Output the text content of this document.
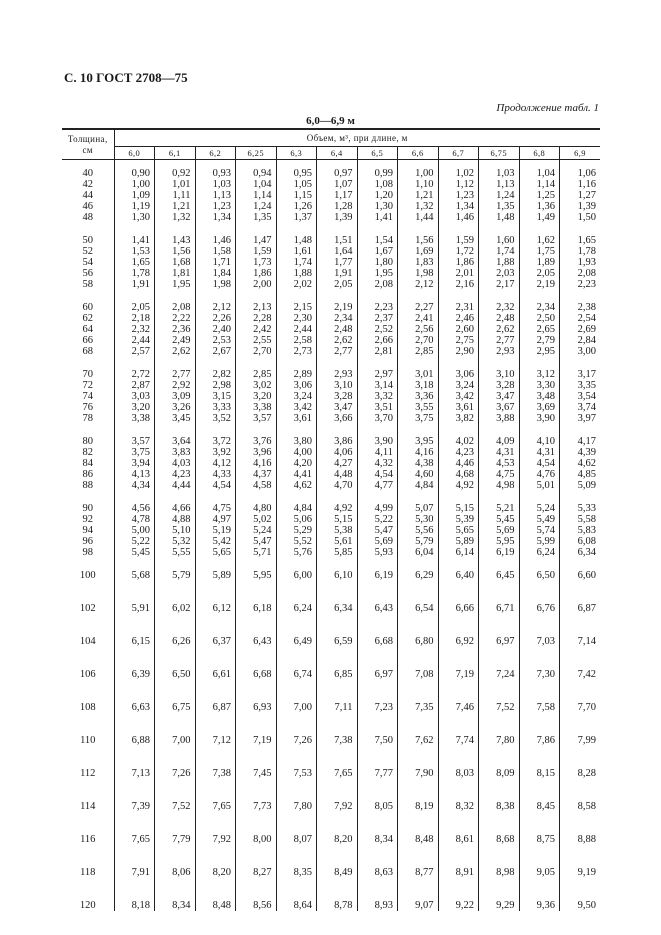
С. 10 ГОСТ 2708—75
Продолжение табл. 1
6,0—6,9 м
Толщина,
см	Объем, м³, при длине, м											
	6,0	6,1	6,2	6,25	6,3	6,4	6,5	6,6	6,7	6,75	6,8	6,9
40	0,90	0,92	0,93	0,94	0,95	0,97	0,99	1,00	1,02	1,03	1,04	1,06
42	1,00	1,01	1,03	1,04	1,05	1,07	1,08	1,10	1,12	1,13	1,14	1,16
44	1,09	1,11	1,13	1,14	1,15	1,17	1,20	1,21	1,23	1,24	1,25	1,27
46	1,19	1,21	1,23	1,24	1,26	1,28	1,30	1,32	1,34	1,35	1,36	1,39
48	1,30	1,32	1,34	1,35	1,37	1,39	1,41	1,44	1,46	1,48	1,49	1,50

50	1,41	1,43	1,46	1,47	1,48	1,51	1,54	1,56	1,59	1,60	1,62	1,65
52	1,53	1,56	1,58	1,59	1,61	1,64	1,67	1,69	1,72	1,74	1,75	1,78
54	1,65	1,68	1,71	1,73	1,74	1,77	1,80	1,83	1,86	1,88	1,89	1,93
56	1,78	1,81	1,84	1,86	1,88	1,91	1,95	1,98	2,01	2,03	2,05	2,08
58	1,91	1,95	1,98	2,00	2,02	2,05	2,08	2,12	2,16	2,17	2,19	2,23

60	2,05	2,08	2,12	2,13	2,15	2,19	2,23	2,27	2,31	2,32	2,34	2,38
62	2,18	2,22	2,26	2,28	2,30	2,34	2,37	2,41	2,46	2,48	2,50	2,54
64	2,32	2,36	2,40	2,42	2,44	2,48	2,52	2,56	2,60	2,62	2,65	2,69
66	2,44	2,49	2,53	2,55	2,58	2,62	2,66	2,70	2,75	2,77	2,79	2,84
68	2,57	2,62	2,67	2,70	2,73	2,77	2,81	2,85	2,90	2,93	2,95	3,00

70	2,72	2,77	2,82	2,85	2,89	2,93	2,97	3,01	3,06	3,10	3,12	3,17
72	2,87	2,92	2,98	3,02	3,06	3,10	3,14	3,18	3,24	3,28	3,30	3,35
74	3,03	3,09	3,15	3,20	3,24	3,28	3,32	3,36	3,42	3,47	3,48	3,54
76	3,20	3,26	3,33	3,38	3,42	3,47	3,51	3,55	3,61	3,67	3,69	3,74
78	3,38	3,45	3,52	3,57	3,61	3,66	3,70	3,75	3,82	3,88	3,90	3,97

80	3,57	3,64	3,72	3,76	3,80	3,86	3,90	3,95	4,02	4,09	4,10	4,17
82	3,75	3,83	3,92	3,96	4,00	4,06	4,11	4,16	4,23	4,31	4,31	4,39
84	3,94	4,03	4,12	4,16	4,20	4,27	4,32	4,38	4,46	4,53	4,54	4,62
86	4,13	4,23	4,33	4,37	4,41	4,48	4,54	4,60	4,68	4,75	4,76	4,85
88	4,34	4,44	4,54	4,58	4,62	4,70	4,77	4,84	4,92	4,98	5,01	5,09

90	4,56	4,66	4,75	4,80	4,84	4,92	4,99	5,07	5,15	5,21	5,24	5,33
92	4,78	4,88	4,97	5,02	5,06	5,15	5,22	5,30	5,39	5,45	5,49	5,58
94	5,00	5,10	5,19	5,24	5,29	5,38	5,47	5,56	5,65	5,69	5,74	5,83
96	5,22	5,32	5,42	5,47	5,52	5,61	5,69	5,79	5,89	5,95	5,99	6,08
98	5,45	5,55	5,65	5,71	5,76	5,85	5,93	6,04	6,14	6,19	6,24	6,34

100	5,68	5,79	5,89	5,95	6,00	6,10	6,19	6,29	6,40	6,45	6,50	6,60

102	5,91	6,02	6,12	6,18	6,24	6,34	6,43	6,54	6,66	6,71	6,76	6,87

104	6,15	6,26	6,37	6,43	6,49	6,59	6,68	6,80	6,92	6,97	7,03	7,14

106	6,39	6,50	6,61	6,68	6,74	6,85	6,97	7,08	7,19	7,24	7,30	7,42

108	6,63	6,75	6,87	6,93	7,00	7,11	7,23	7,35	7,46	7,52	7,58	7,70

110	6,88	7,00	7,12	7,19	7,26	7,38	7,50	7,62	7,74	7,80	7,86	7,99

112	7,13	7,26	7,38	7,45	7,53	7,65	7,77	7,90	8,03	8,09	8,15	8,28

114	7,39	7,52	7,65	7,73	7,80	7,92	8,05	8,19	8,32	8,38	8,45	8,58

116	7,65	7,79	7,92	8,00	8,07	8,20	8,34	8,48	8,61	8,68	8,75	8,88

118	7,91	8,06	8,20	8,27	8,35	8,49	8,63	8,77	8,91	8,98	9,05	9,19

120	8,18	8,34	8,48	8,56	8,64	8,78	8,93	9,07	9,22	9,29	9,36	9,50
